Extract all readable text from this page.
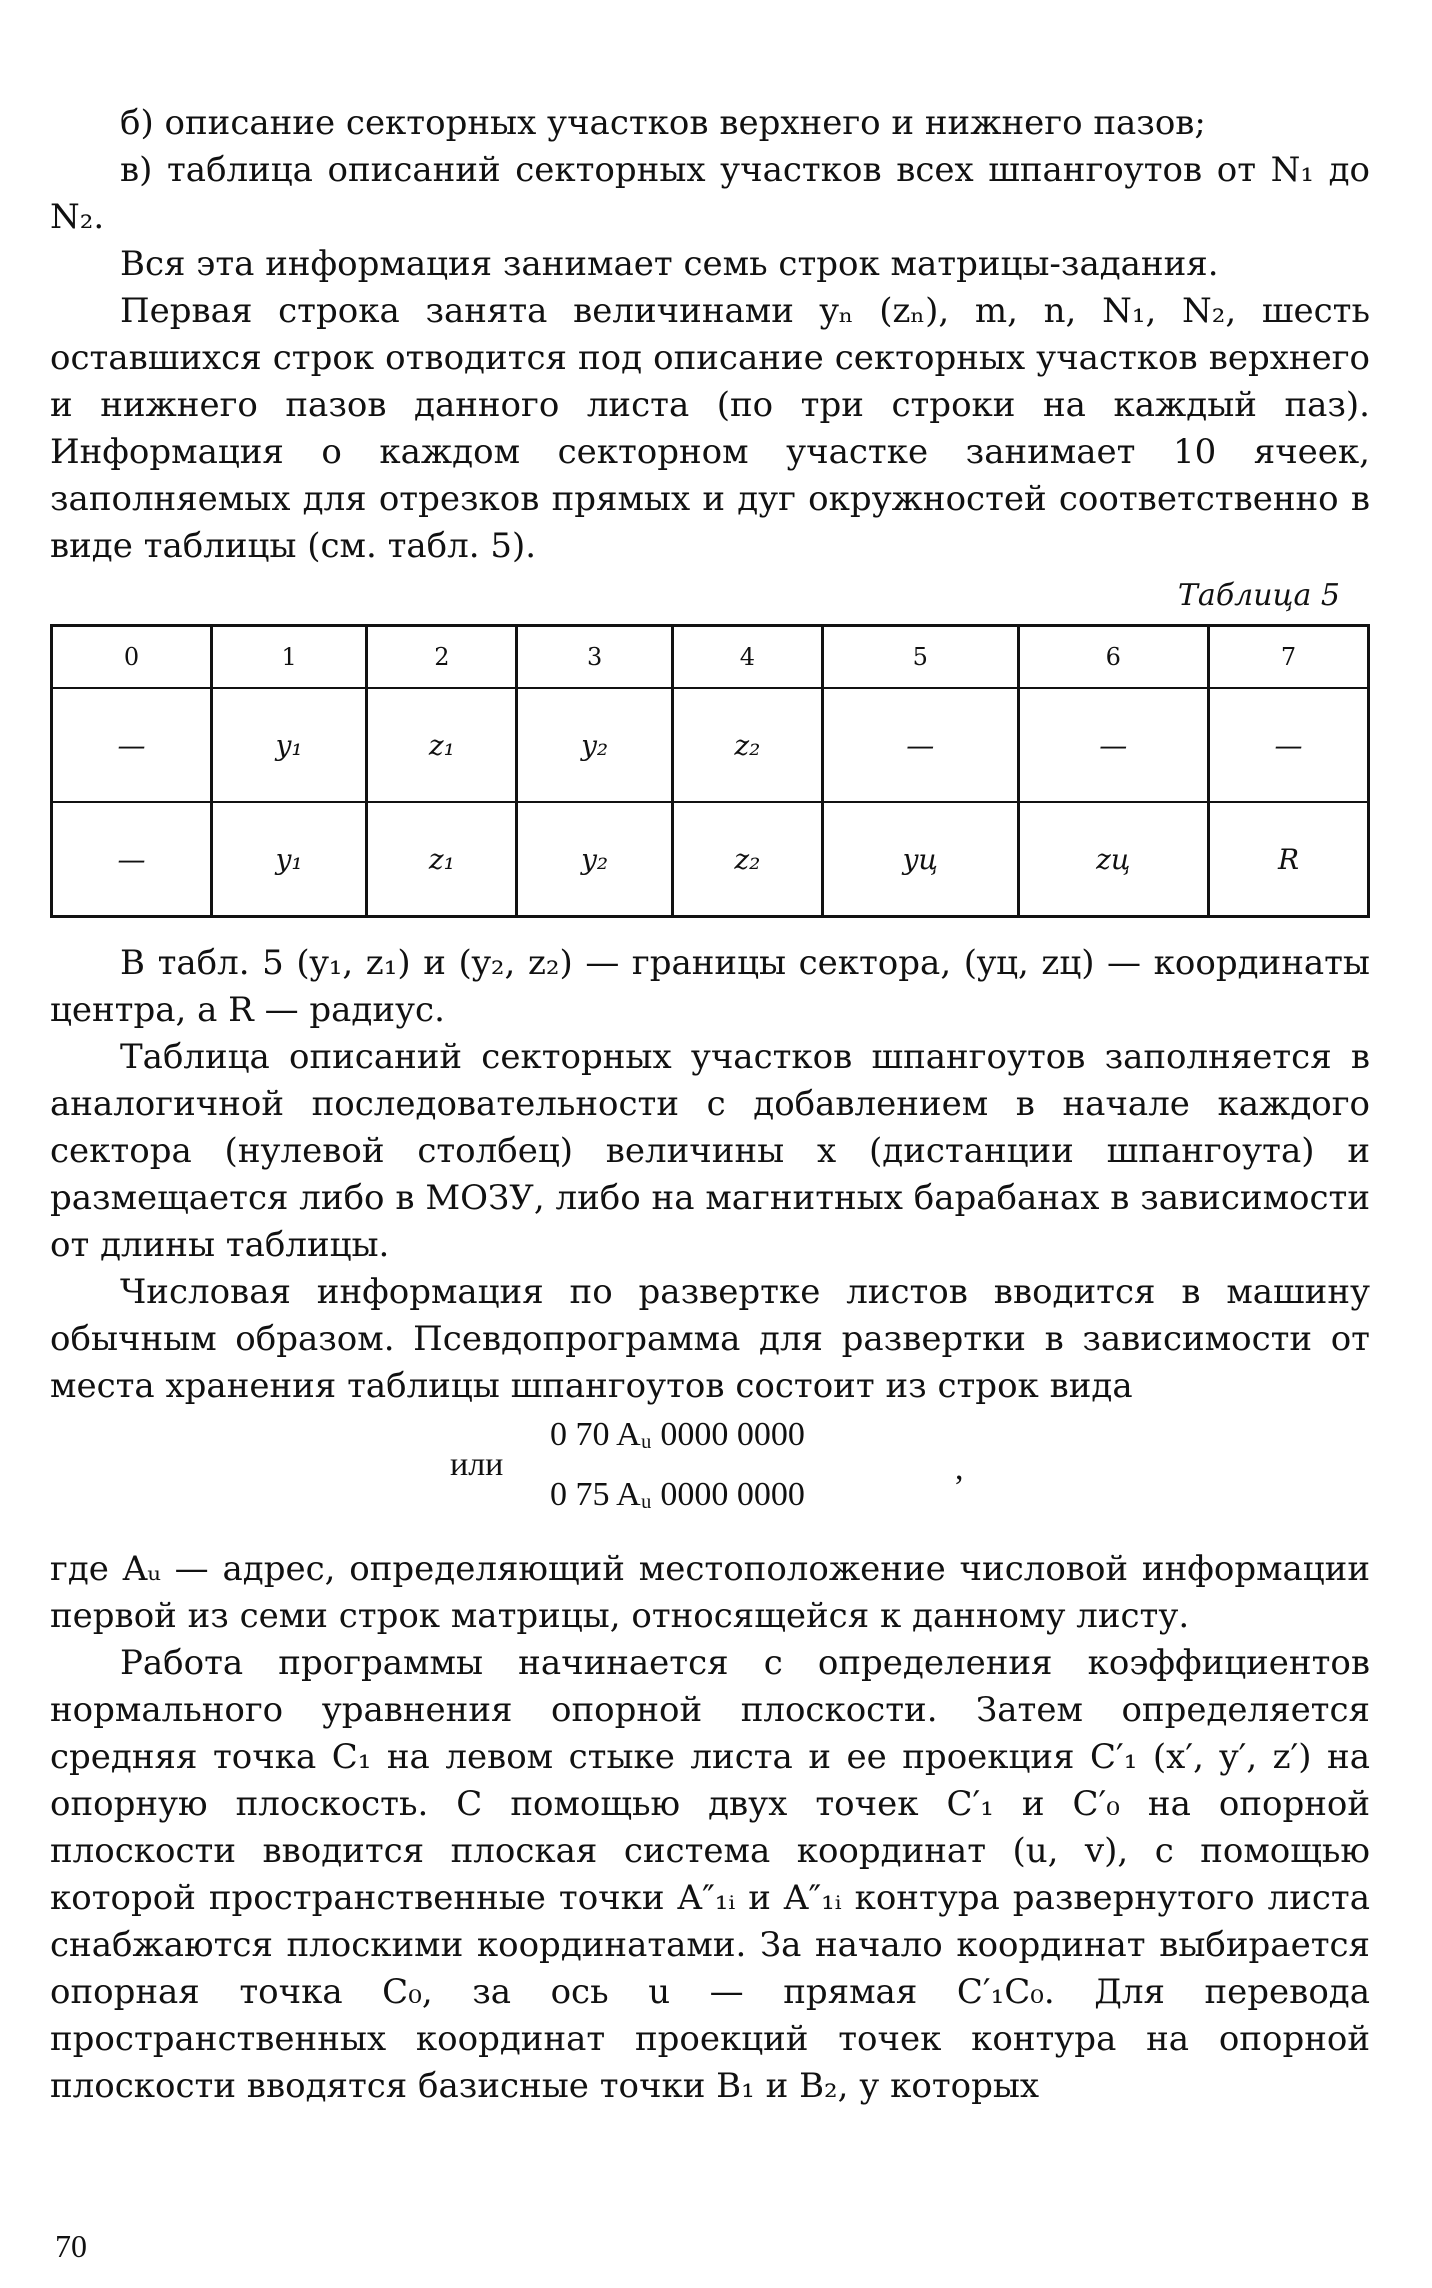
б) описание секторных участков верхнего и нижнего пазов;

в) таблица описаний секторных участков всех шпангоутов от N₁ до N₂.

Вся эта информация занимает семь строк матрицы-задания.

Первая строка занята величинами yₙ (zₙ), m, n, N₁, N₂, шесть оставшихся строк отводится под описание секторных участков верхнего и нижнего пазов данного листа (по три строки на каждый паз). Информация о каждом секторном участке занимает 10 ячеек, заполняемых для отрезков прямых и дуг окружностей соответственно в виде таблицы (см. табл. 5).

Таблица 5
0	1	2	3	4	5	6	7
—	y₁	z₁	y₂	z₂	—	—	—
—	y₁	z₁	y₂	z₂	yц	zц	R

В табл. 5 (y₁, z₁) и (y₂, z₂) — границы сектора, (yц, zц) — координаты центра, а R — радиус.

Таблица описаний секторных участков шпангоутов заполняется в аналогичной последовательности с добавлением в начале каждого сектора (нулевой столбец) величины x (дистанции шпангоута) и размещается либо в МОЗУ, либо на магнитных барабанах в зависимости от длины таблицы.

Числовая информация по развертке листов вводится в машину обычным образом. Псевдопрограмма для развертки в зависимости от места хранения таблицы шпангоутов состоит из строк вида

или
0 70 Aᵤ 0000 0000
0 75 Aᵤ 0000 0000
,

где Aᵤ — адрес, определяющий местоположение числовой информации первой из семи строк матрицы, относящейся к данному листу.

Работа программы начинается с определения коэффициентов нормального уравнения опорной плоскости. Затем определяется средняя точка C₁ на левом стыке листа и ее проекция C′₁ (x′, y′, z′) на опорную плоскость. С помощью двух точек C′₁ и C′₀ на опорной плоскости вводится плоская система координат (u, v), с помощью которой пространственные точки A″₁ᵢ и A″₁ᵢ контура развернутого листа снабжаются плоскими координатами. За начало координат выбирается опорная точка C₀, за ось u — прямая C′₁C₀. Для перевода пространственных координат проекций точек контура на опорной плоскости вводятся базисные точки B₁ и B₂, у которых

70
